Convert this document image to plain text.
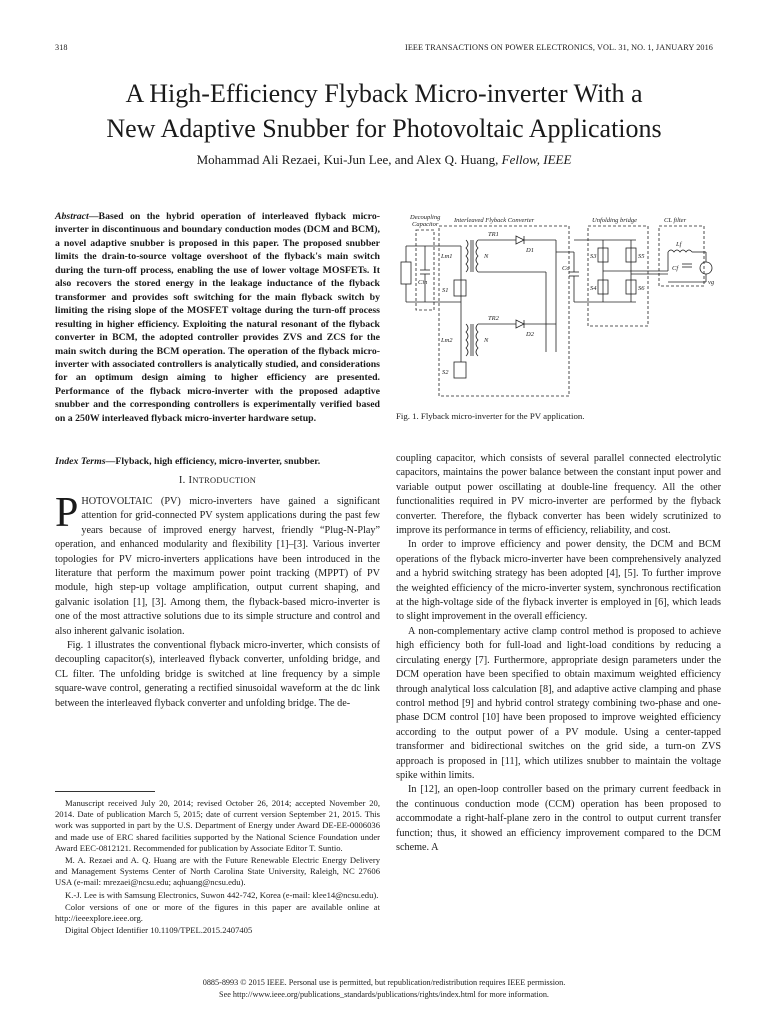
318	IEEE TRANSACTIONS ON POWER ELECTRONICS, VOL. 31, NO. 1, JANUARY 2016
A High-Efficiency Flyback Micro-inverter With a
New Adaptive Snubber for Photovoltaic Applications
Mohammad Ali Rezaei, Kui-Jun Lee, and Alex Q. Huang, Fellow, IEEE
Abstract—Based on the hybrid operation of interleaved flyback micro-inverter in discontinuous and boundary conduction modes (DCM and BCM), a novel adaptive snubber is proposed in this paper. The proposed snubber limits the drain-to-source voltage overshoot of the flyback's main switch during the turn-off process, enabling the use of lower voltage MOSFETs. It also recovers the stored energy in the leakage inductance of the flyback transformer and provides soft switching for the main flyback switch by limiting the rising slope of the MOSFET voltage during the turn-off process resulting in higher efficiency. Exploiting the natural resonant of the flyback converter in BCM, the adopted controller provides ZVS and ZCS for the main switch during the BCM operation. The operation of the flyback micro-inverter with associated controllers is analytically studied, and considerations for an optimum design aiming to higher efficiency are presented. Performance of the flyback micro-inverter with the proposed adaptive snubber and the corresponding controllers is experimentally verified based on a 250W interleaved flyback micro-inverter hardware setup.
Index Terms—Flyback, high efficiency, micro-inverter, snubber.
I. INTRODUCTION

PHOTOVOLTAIC (PV) micro-inverters have gained a significant attention for grid-connected PV system applications during the past few years because of improved energy harvest, friendly “Plug-N-Play” operation, and enhanced modularity and flexibility [1]–[3]. Various inverter topologies for PV micro-inverters applications have been introduced in the literature that perform the maximum power point tracking (MPPT) of PV module, high step-up voltage amplification, output current shaping, and galvanic isolation [1], [3]. Among them, the flyback-based micro-inverter is one of the most attractive solutions due to its simple structure and control and also inherent galvanic isolation.

Fig. 1 illustrates the conventional flyback micro-inverter, which consists of decoupling capacitor(s), interleaved flyback converter, unfolding bridge, and CL filter. The unfolding bridge is switched at line frequency by a simple square-wave control, generating a rectified sinusoidal waveform at the dc link between the interleaved flyback converter and unfolding bridge. The de-

Manuscript received July 20, 2014; revised October 26, 2014; accepted November 20, 2014. Date of publication March 5, 2015; date of current version September 21, 2015. This work was supported in part by the U.S. Department of Energy under Award DE-EE-0006036 and made use of ERC shared facilities supported by the National Science Foundation under Award EEC-0812121. Recommended for publication by Associate Editor T. Suntio.

M. A. Rezaei and A. Q. Huang are with the Future Renewable Electric Energy Delivery and Management Systems Center of North Carolina State University, Raleigh, NC 27606 USA (e-mail: mrezaei@ncsu.edu; aqhuang@ncsu.edu).

K.-J. Lee is with Samsung Electronics, Suwon 442-742, Korea (e-mail: klee14@ncsu.edu).

Color versions of one or more of the figures in this paper are available online at http://ieeexplore.ieee.org.

Digital Object Identifier 10.1109/TPEL.2015.2407405

Decoupling
Capacitor
Interleaved Flyback Converter	Unfolding bridge	CL filter
Cin
Co
TR1
TR2
Lm1
Lm2
N
N
D1
D2
S1
S2
S3
S4
S5
S6
Lf
Cf
vg
Fig. 1. Flyback micro-inverter for the PV application.

coupling capacitor, which consists of several parallel connected electrolytic capacitors, maintains the power balance between the constant input power and variable output power oscillating at double-line frequency. All the other functionalities required in PV micro-inverter are performed by the flyback converter. Therefore, the flyback converter has been widely scrutinized to improve its performance in terms of efficiency, reliability, and cost.

In order to improve efficiency and power density, the DCM and BCM operations of the flyback micro-inverter have been comprehensively analyzed and a hybrid switching strategy has been adopted [4], [5]. To further improve the weighted efficiency of the micro-inverter system, synchronous rectification at the high-voltage side of the flyback inverter is employed in [6], which leads to slight improvement in the overall efficiency.

A non-complementary active clamp control method is proposed to achieve high efficiency both for full-load and light-load conditions by reducing a circulating energy [7]. Furthermore, appropriate design parameters under the DCM operation have been specified to obtain maximum weighted efficiency through analytical loss calculation [8], and adaptive active clamping and phase control method [9] and hybrid control strategy combining two-phase and one-phase DCM control [10] have been proposed to improve weighted efficiency according to the output power of a PV module. Using a center-tapped transformer and bidirectional switches on the grid side, a turn-on ZVS approach is proposed in [11], which utilizes snubber to maintain the voltage spike within limits.

In [12], an open-loop controller based on the primary current feedback in the continuous conduction mode (CCM) operation has been proposed to accommodate a right-half-plane zero in the control to output current transfer function; thus, it showed an efficiency improvement compared to the DCM scheme. A

0885-8993 © 2015 IEEE. Personal use is permitted, but republication/redistribution requires IEEE permission.
See http://www.ieee.org/publications_standards/publications/rights/index.html for more information.
